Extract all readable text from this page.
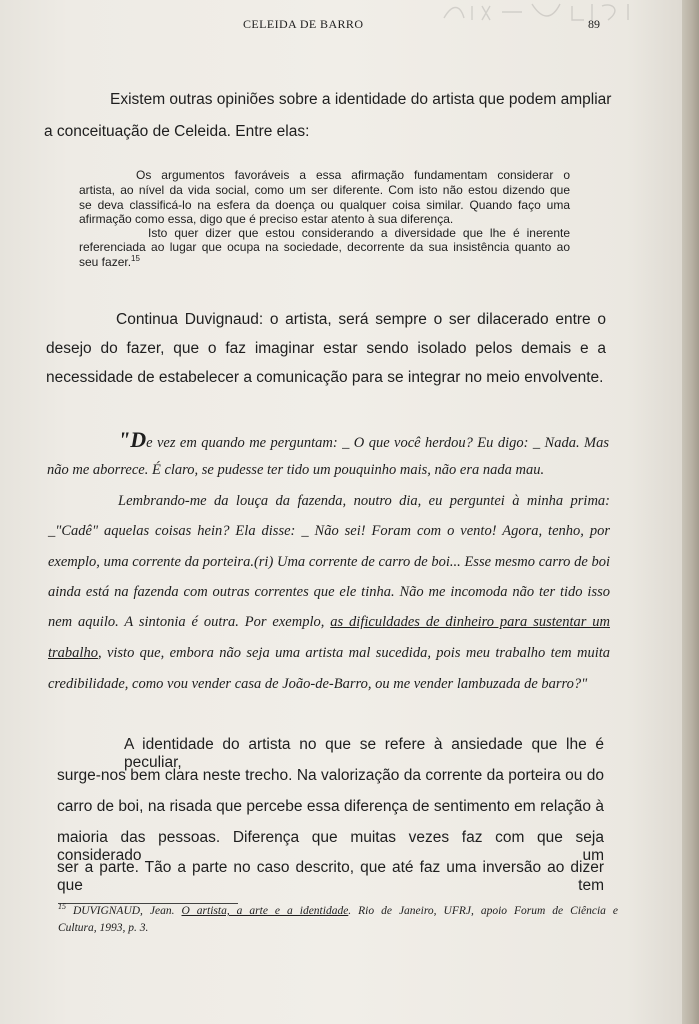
CELEIDA DE BARRO	89
Existem outras opiniões sobre a identidade do artista que podem ampliar
a conceituação de Celeida. Entre elas:
Os argumentos favoráveis a essa afirmação fundamentam considerar o
artista, ao nível da vida social, como um ser diferente. Com isto não estou dizendo que
se deva classificá-lo na esfera da doença ou qualquer coisa similar. Quando faço uma
afirmação como essa, digo que é preciso estar atento à sua diferença.
Isto quer dizer que estou considerando a diversidade que lhe é inerente
referenciada ao lugar que ocupa na sociedade, decorrente da sua insistência quanto ao
seu fazer.$^{15}$
Continua Duvignaud: o artista, será sempre o ser dilacerado entre o
desejo do fazer, que o faz imaginar estar sendo isolado pelos demais e a
necessidade de estabelecer a comunicação para se integrar no meio envolvente.
"De vez em quando me perguntam: _ O que você herdou? Eu digo: _ Nada. Mas
não me aborrece. É claro, se pudesse ter tido um pouquinho mais, não era nada mau.
Lembrando-me da louça da fazenda, noutro dia, eu perguntei à minha prima:
_"Cadê" aquelas coisas hein? Ela disse: _ Não sei! Foram com o vento! Agora, tenho, por
exemplo, uma corrente da porteira.(ri) Uma corrente de carro de boi... Esse mesmo carro de boi
ainda está na fazenda com outras correntes que ele tinha. Não me incomoda não ter tido isso
nem aquilo. A sintonia é outra. Por exemplo, as dificuldades de dinheiro para sustentar um
trabalho, visto que, embora não seja uma artista mal sucedida, pois meu trabalho tem muita
credibilidade, como vou vender casa de João-de-Barro, ou me vender lambuzada de barro?"
A identidade do artista no que se refere à ansiedade que lhe é peculiar,
surge-nos bem clara neste trecho. Na valorização da corrente da porteira ou do
carro de boi, na risada que percebe essa diferença de sentimento em relação à
maioria das pessoas. Diferença que muitas vezes faz com que seja considerado um
ser a parte. Tão a parte no caso descrito, que até faz uma inversão ao dizer que tem
$^{15}$ DUVIGNAUD, Jean. O artista, a arte e a identidade. Rio de Janeiro, UFRJ, apoio Forum de Ciência e
Cultura, 1993, p. 3.
